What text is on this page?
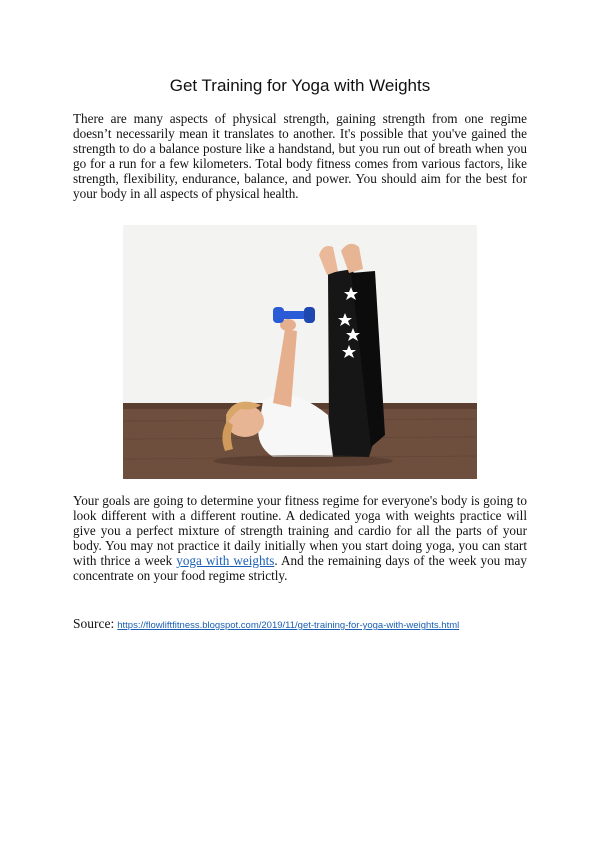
Get Training for Yoga with Weights

There are many aspects of physical strength, gaining strength from one regime doesn’t necessarily mean it translates to another. It's possible that you've gained the strength to do a balance posture like a handstand, but you run out of breath when you go for a run for a few kilometers. Total body fitness comes from various factors, like strength, flexibility, endurance, balance, and power. You should aim for the best for your body in all aspects of physical health.

Your goals are going to determine your fitness regime for everyone's body is going to look different with a different routine. A dedicated yoga with weights practice will give you a perfect mixture of strength training and cardio for all the parts of your body. You may not practice it daily initially when you start doing yoga, you can start with thrice a week yoga with weights. And the remaining days of the week you may concentrate on your food regime strictly.

Source: https://flowliftfitness.blogspot.com/2019/11/get-training-for-yoga-with-weights.html
